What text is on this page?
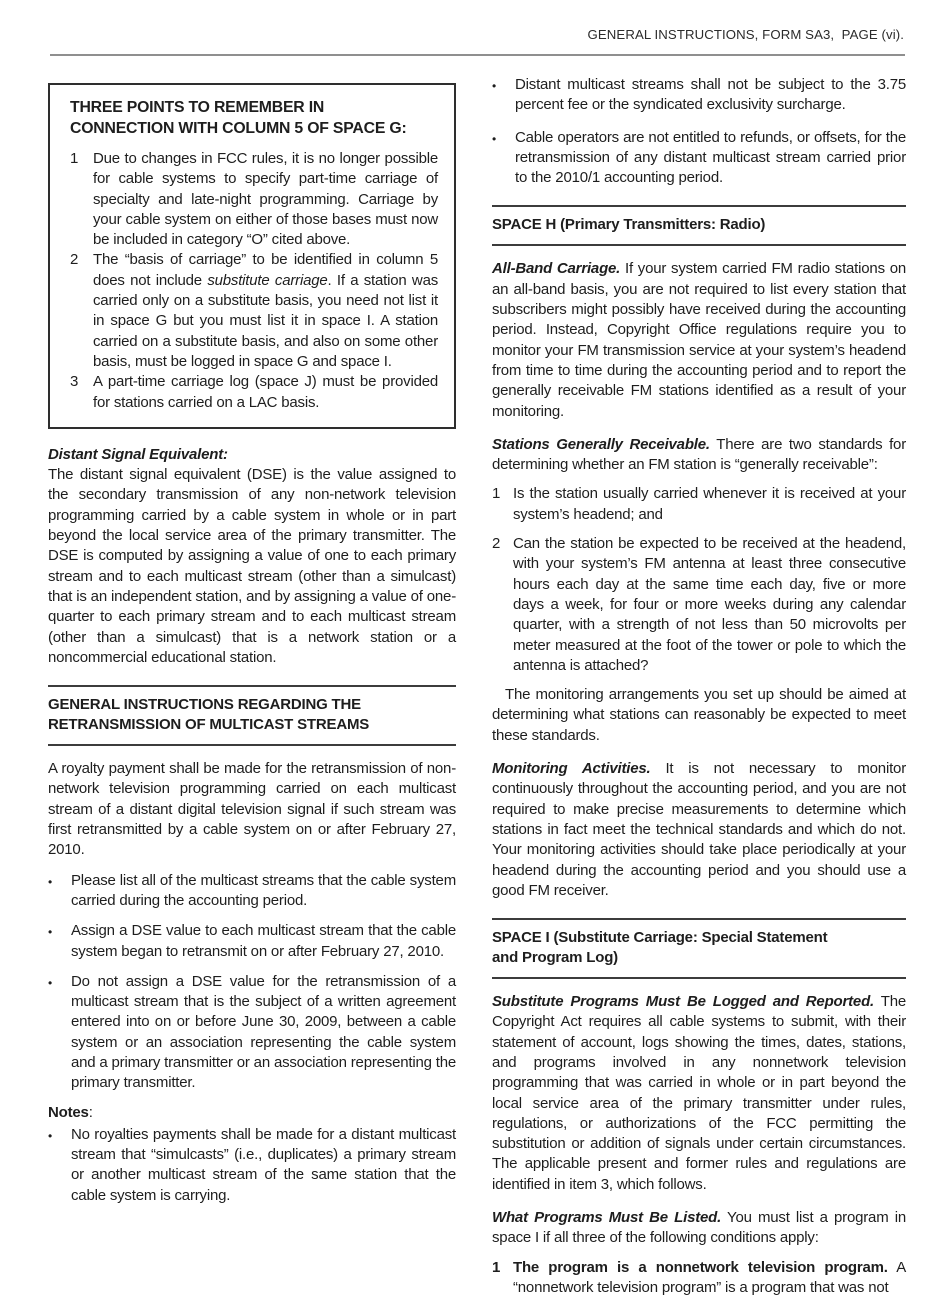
GENERAL INSTRUCTIONS, FORM SA3,  PAGE (vi).
THREE POINTS TO REMEMBER IN CONNECTION WITH COLUMN 5 OF SPACE G:
1 Due to changes in FCC rules, it is no longer possible for cable systems to specify part-time carriage of specialty and late-night programming. Carriage by your cable system on either of those bases must now be included in category “O” cited above.
2 The “basis of carriage” to be identified in column 5 does not include substitute carriage. If a station was carried only on a substitute basis, you need not list it in space G but you must list it in space I. A station carried on a substitute basis, and also on some other basis, must be logged in space G and space I.
3 A part-time carriage log (space J) must be provided for stations carried on a LAC basis.
Distant Signal Equivalent:
The distant signal equivalent (DSE) is the value assigned to the secondary transmission of any non-network television programming carried by a cable system in whole or in part beyond the local service area of the primary transmitter. The DSE is computed by assigning a value of one to each primary stream and to each multicast stream (other than a simulcast) that is an independent station, and by assigning a value of one-quarter to each primary stream and to each multicast stream (other than a simulcast) that is a network station or a noncommercial educational station.
GENERAL INSTRUCTIONS REGARDING THE
RETRANSMISSION OF MULTICAST STREAMS
A royalty payment shall be made for the retransmission of non-network television programming carried on each multicast stream of a distant digital television signal if such stream was first retransmitted by a cable system on or after February 27, 2010.
•	Please list all of the multicast streams that the cable system carried during the accounting period.
•	Assign a DSE value to each multicast stream that the cable system began to retransmit on or after February 27, 2010.
•	Do not assign a DSE value for the retransmission of a multicast stream that is the subject of a written agreement entered into on or before June 30, 2009, between a cable system or an association representing the cable system and a primary transmitter or an association representing the primary transmitter.
Notes:
•	No royalties payments shall be made for a distant multicast stream that “simulcasts” (i.e., duplicates) a primary stream or another multicast stream of the same station that the cable system is carrying.
•	Distant multicast streams shall not be subject to the 3.75 percent fee or the syndicated exclusivity surcharge.
•	Cable operators are not entitled to refunds, or offsets, for the retransmission of any distant multicast stream carried prior to the 2010/1 accounting period.
SPACE H (Primary Transmitters: Radio)
All-Band Carriage. If your system carried FM radio stations on an all-band basis, you are not required to list every station that subscribers might possibly have received during the accounting period. Instead, Copyright Office regulations require you to monitor your FM transmission service at your system’s headend from time to time during the accounting period and to report the generally receivable FM stations identified as a result of your monitoring.
Stations Generally Receivable. There are two standards for determining whether an FM station is “generally receivable”:
1 Is the station usually carried whenever it is received at your system’s headend; and
2 Can the station be expected to be received at the headend, with your system’s FM antenna at least three consecutive hours each day at the same time each day, five or more days a week, for four or more weeks during any calendar quarter, with a strength of not less than 50 microvolts per meter measured at the foot of the tower or pole to which the antenna is attached?
The monitoring arrangements you set up should be aimed at determining what stations can reasonably be expected to meet these standards.
Monitoring Activities. It is not necessary to monitor continuously throughout the accounting period, and you are not required to make precise measurements to determine which stations in fact meet the technical standards and which do not. Your monitoring activities should take place periodically at your headend during the accounting period and you should use a good FM receiver.
SPACE I (Substitute Carriage: Special Statement
and Program Log)
Substitute Programs Must Be Logged and Reported. The Copyright Act requires all cable systems to submit, with their statement of account, logs showing the times, dates, stations, and programs involved in any nonnetwork television programming that was carried in whole or in part beyond the local service area of the primary transmitter under rules, regulations, or authorizations of the FCC permitting the substitution or addition of signals under certain circumstances. The applicable present and former rules and regulations are identified in item 3, which follows.
What Programs Must Be Listed. You must list a program in space I if all three of the following conditions apply:
1 The program is a nonnetwork television program. A “nonnetwork television program” is a program that was not
